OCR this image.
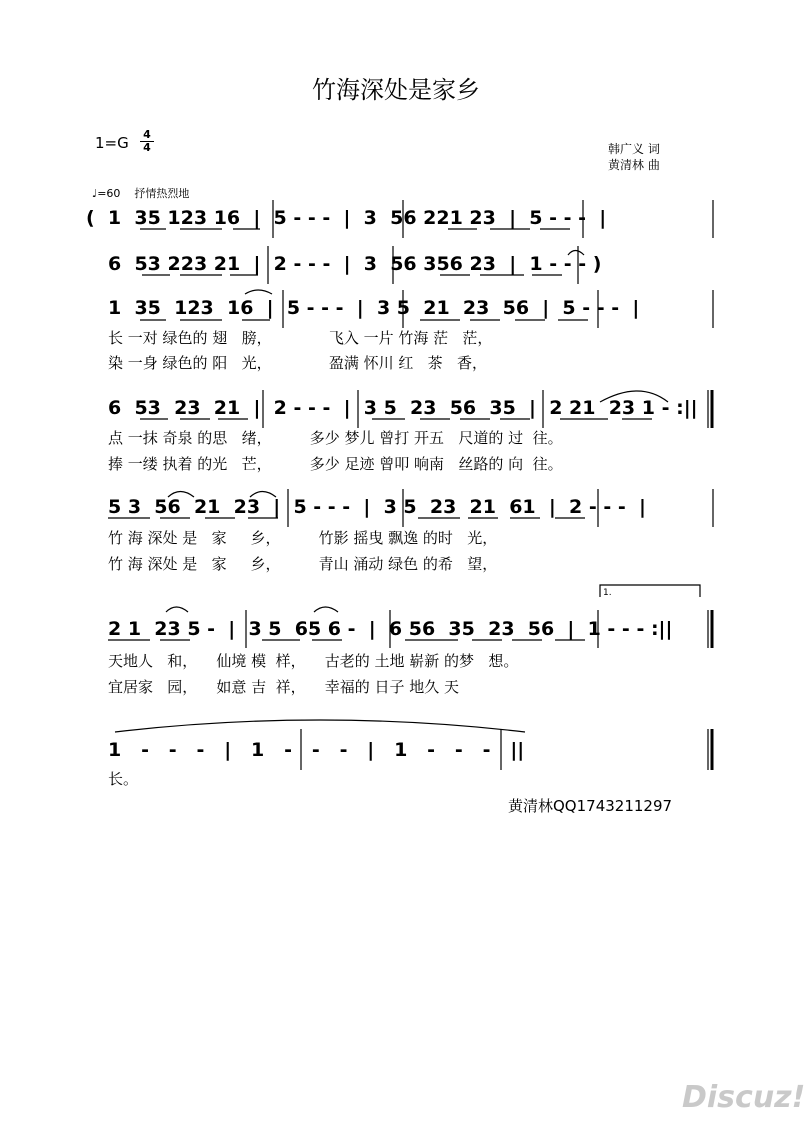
竹海深处是家乡
1=G 4
4	韩广义 词
黄清林 曲
♩=60    抒情热烈地
(  1  35 123 16  |  5 - - -  |  3  56 221 23  |  5 - - -  |
6  53 223 21  |  2 - - -  |  3  56 356 23  |  1 - - - )
1  35  123  16  |  5 - - -  |  3 5  21  23  56  |  5 - - -  |
长 一对 绿色的 翅   膀，            飞入 一片 竹海 茫   茫，
染 一身 绿色的 阳   光，            盈满 怀川 红   茶   香，
6  53  23  21  |  2 - - -  |  3 5  23  56  35  |  2 21  23 1 - :||
点 一抹 奇泉 的思   绪，        多少 梦儿 曾打 开五   尺道的 过  往。
捧 一缕 执着 的光   芒，        多少 足迹 曾叩 响南   丝路的 向  往。
5 3  56  21  23  |  5 - - -  |  3 5  23  21  61  |  2 - - -  |
竹 海 深处 是   家     乡，        竹影 摇曳 飘逸 的时   光，
竹 海 深处 是   家     乡，        青山 涌动 绿色 的希   望，
1.
2 1  23 5 -  |  3 5  65 6 -  |  6 56  35  23  56  |  1 - - - :||
天地人   和，    仙境 模  样，    古老的 土地 崭新 的梦   想。
宜居家   园，    如意 吉  祥，    幸福的 日子 地久 天
1   -   -   -   |   1   -   -   -   |   1   -   -   -   ||
长。
黄清林QQ1743211297
Discuz!
